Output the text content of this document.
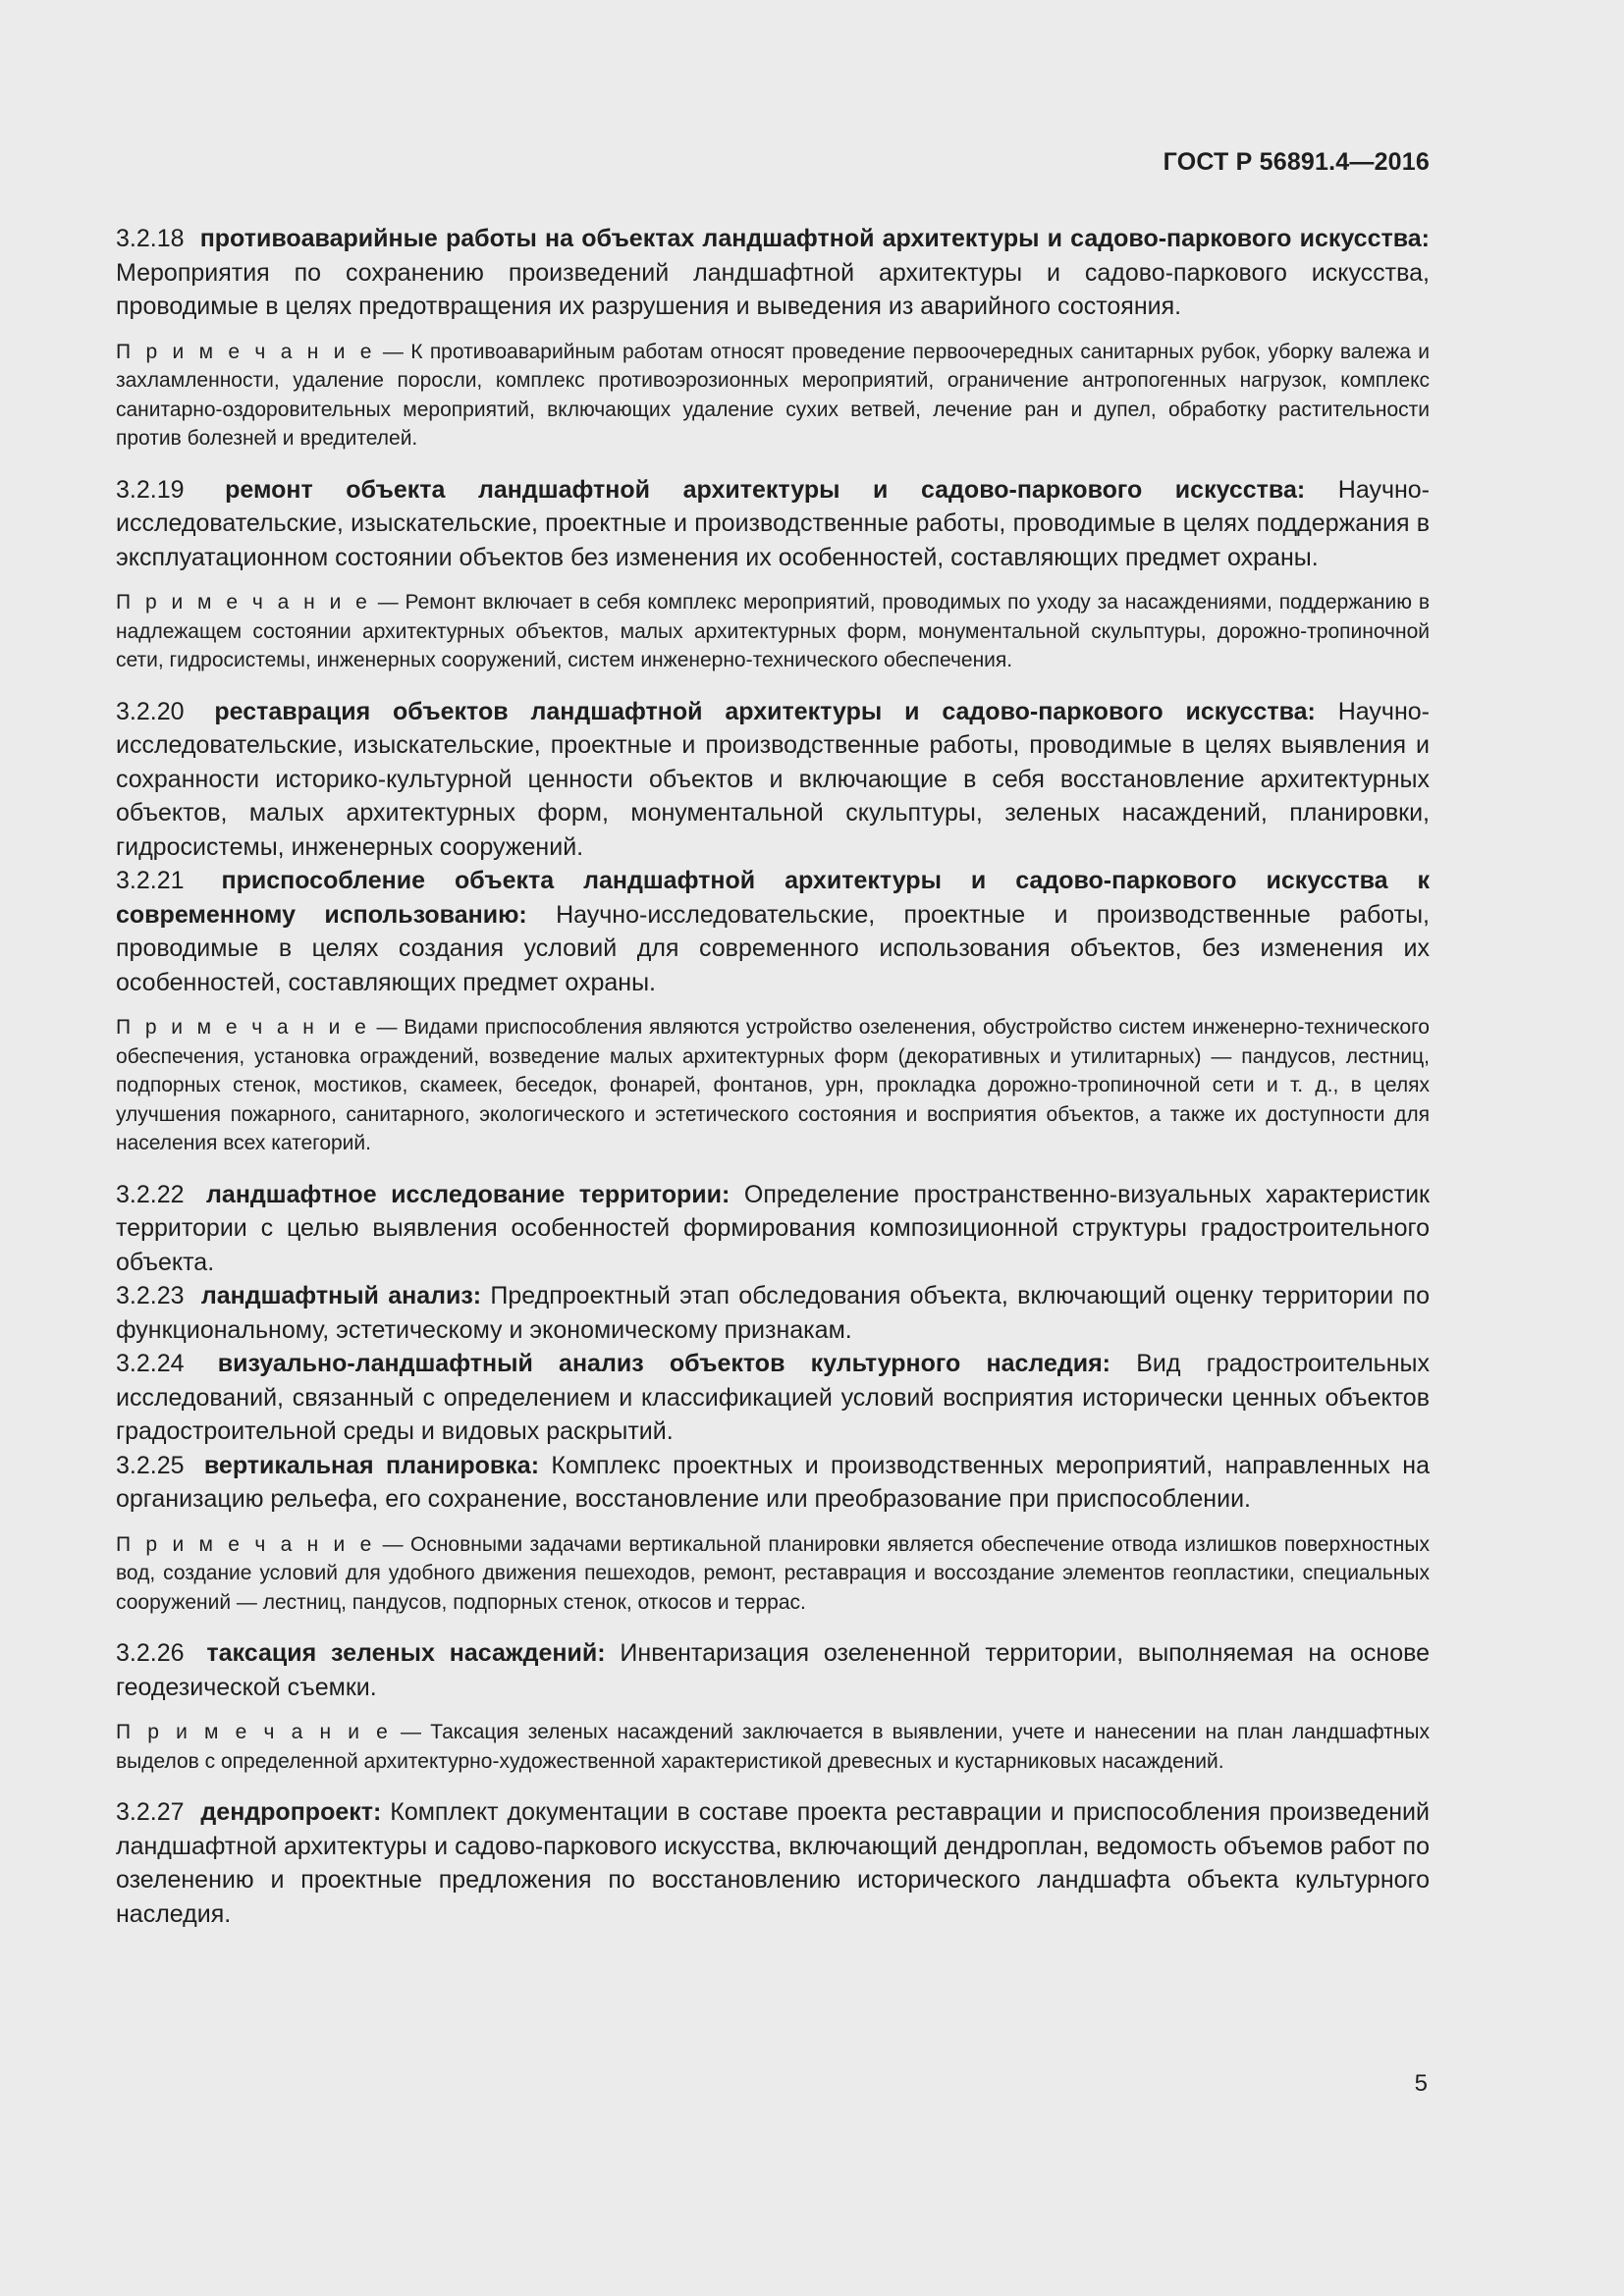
ГОСТ Р 56891.4—2016

3.2.18 противоаварийные работы на объектах ландшафтной архитектуры и садово-паркового искусства: Мероприятия по сохранению произведений ландшафтной архитектуры и садово-паркового искусства, проводимые в целях предотвращения их разрушения и выведения из аварийного состояния.

П р и м е ч а н и е — К противоаварийным работам относят проведение первоочередных санитарных рубок, уборку валежа и захламленности, удаление поросли, комплекс противоэрозионных мероприятий, ограничение антропогенных нагрузок, комплекс санитарно-оздоровительных мероприятий, включающих удаление сухих ветвей, лечение ран и дупел, обработку растительности против болезней и вредителей.

3.2.19 ремонт объекта ландшафтной архитектуры и садово-паркового искусства: Научно-исследовательские, изыскательские, проектные и производственные работы, проводимые в целях поддержания в эксплуатационном состоянии объектов без изменения их особенностей, составляющих предмет охраны.

П р и м е ч а н и е — Ремонт включает в себя комплекс мероприятий, проводимых по уходу за насаждениями, поддержанию в надлежащем состоянии архитектурных объектов, малых архитектурных форм, монументальной скульптуры, дорожно-тропиночной сети, гидросистемы, инженерных сооружений, систем инженерно-технического обеспечения.

3.2.20 реставрация объектов ландшафтной архитектуры и садово-паркового искусства: Научно-исследовательские, изыскательские, проектные и производственные работы, проводимые в целях выявления и сохранности историко-культурной ценности объектов и включающие в себя восстановление архитектурных объектов, малых архитектурных форм, монументальной скульптуры, зеленых насаждений, планировки, гидросистемы, инженерных сооружений.

3.2.21 приспособление объекта ландшафтной архитектуры и садово-паркового искусства к современному использованию: Научно-исследовательские, проектные и производственные работы, проводимые в целях создания условий для современного использования объектов, без изменения их особенностей, составляющих предмет охраны.

П р и м е ч а н и е — Видами приспособления являются устройство озеленения, обустройство систем инженерно-технического обеспечения, установка ограждений, возведение малых архитектурных форм (декоративных и утилитарных) — пандусов, лестниц, подпорных стенок, мостиков, скамеек, беседок, фонарей, фонтанов, урн, прокладка дорожно-тропиночной сети и т. д., в целях улучшения пожарного, санитарного, экологического и эстетического состояния и восприятия объектов, а также их доступности для населения всех категорий.

3.2.22 ландшафтное исследование территории: Определение пространственно-визуальных характеристик территории с целью выявления особенностей формирования композиционной структуры градостроительного объекта.

3.2.23 ландшафтный анализ: Предпроектный этап обследования объекта, включающий оценку территории по функциональному, эстетическому и экономическому признакам.

3.2.24 визуально-ландшафтный анализ объектов культурного наследия: Вид градостроительных исследований, связанный с определением и классификацией условий восприятия исторически ценных объектов градостроительной среды и видовых раскрытий.

3.2.25 вертикальная планировка: Комплекс проектных и производственных мероприятий, направленных на организацию рельефа, его сохранение, восстановление или преобразование при приспособлении.

П р и м е ч а н и е — Основными задачами вертикальной планировки является обеспечение отвода излишков поверхностных вод, создание условий для удобного движения пешеходов, ремонт, реставрация и воссоздание элементов геопластики, специальных сооружений — лестниц, пандусов, подпорных стенок, откосов и террас.

3.2.26 таксация зеленых насаждений: Инвентаризация озелененной территории, выполняемая на основе геодезической съемки.

П р и м е ч а н и е — Таксация зеленых насаждений заключается в выявлении, учете и нанесении на план ландшафтных выделов с определенной архитектурно-художественной характеристикой древесных и кустарниковых насаждений.

3.2.27 дендропроект: Комплект документации в составе проекта реставрации и приспособления произведений ландшафтной архитектуры и садово-паркового искусства, включающий дендроплан, ведомость объемов работ по озеленению и проектные предложения по восстановлению исторического ландшафта объекта культурного наследия.

5
